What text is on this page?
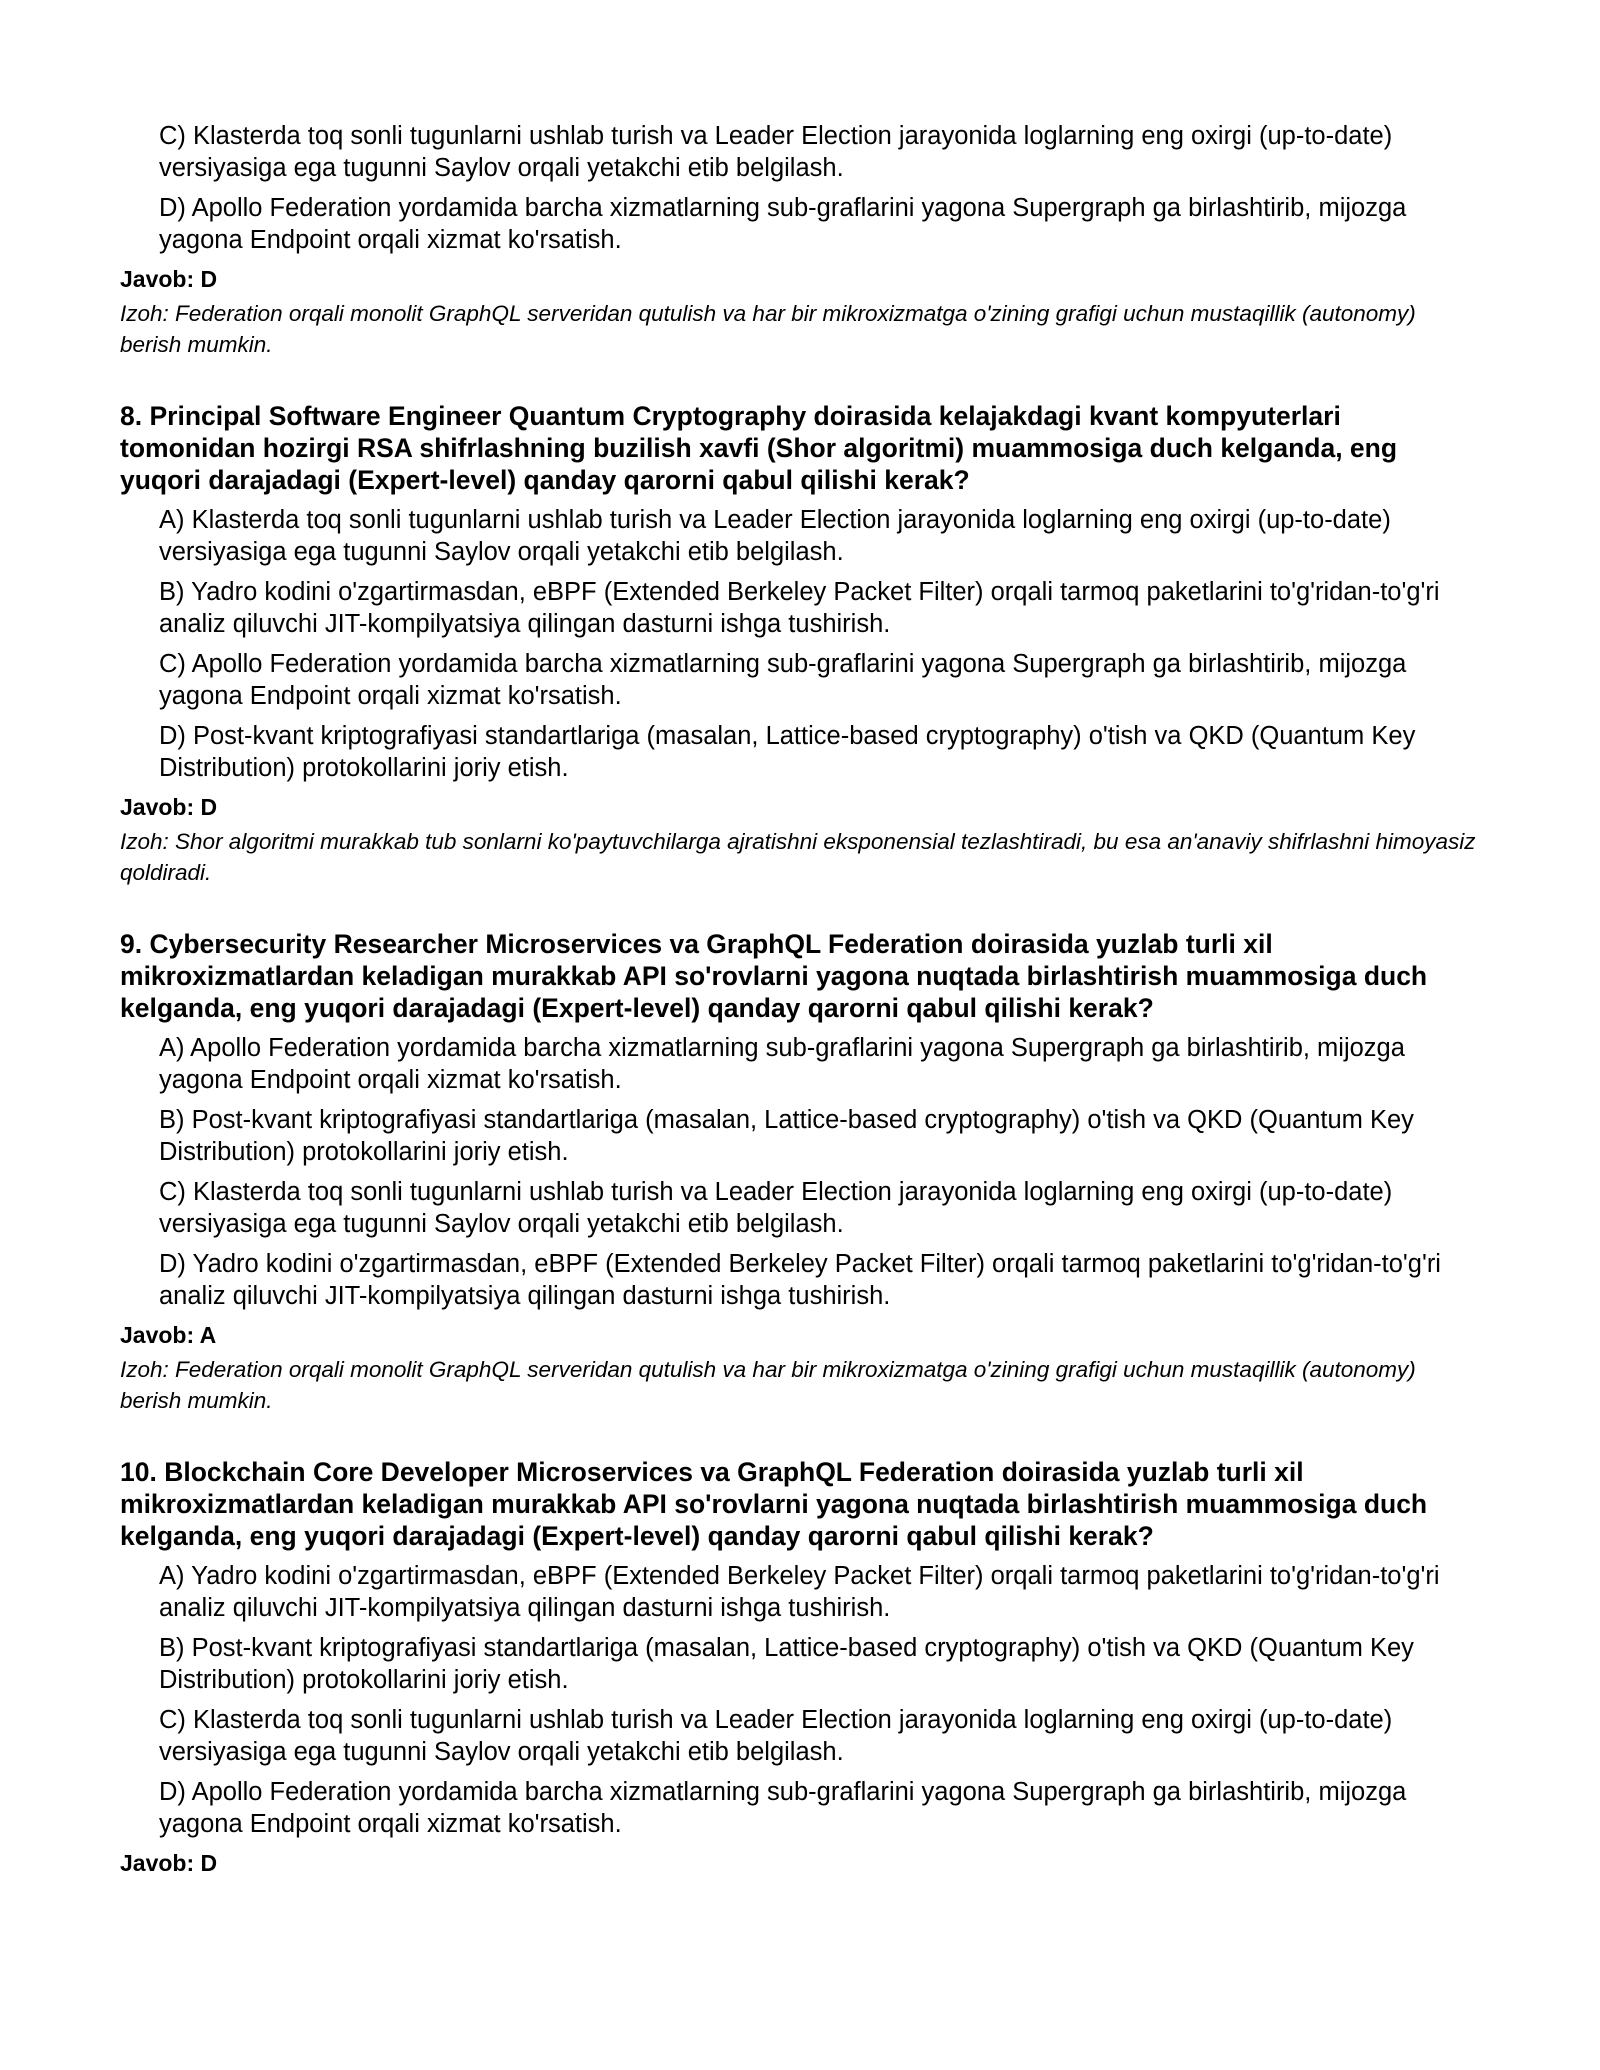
C) Klasterda toq sonli tugunlarni ushlab turish va Leader Election jarayonida loglarning eng oxirgi (up-to-date) versiyasiga ega tugunni Saylov orqali yetakchi etib belgilash.
D) Apollo Federation yordamida barcha xizmatlarning sub-graflarini yagona Supergraph ga birlashtirib, mijozga yagona Endpoint orqali xizmat ko'rsatish.
Javob: D
Izoh: Federation orqali monolit GraphQL serveridan qutulish va har bir mikroxizmatga o'zining grafigi uchun mustaqillik (autonomy) berish mumkin.
8. Principal Software Engineer Quantum Cryptography doirasida kelajakdagi kvant kompyuterlari tomonidan hozirgi RSA shifrlashning buzilish xavfi (Shor algoritmi) muammosiga duch kelganda, eng yuqori darajadagi (Expert-level) qanday qarorni qabul qilishi kerak?
A) Klasterda toq sonli tugunlarni ushlab turish va Leader Election jarayonida loglarning eng oxirgi (up-to-date) versiyasiga ega tugunni Saylov orqali yetakchi etib belgilash.
B) Yadro kodini o'zgartirmasdan, eBPF (Extended Berkeley Packet Filter) orqali tarmoq paketlarini to'g'ridan-to'g'ri analiz qiluvchi JIT-kompilyatsiya qilingan dasturni ishga tushirish.
C) Apollo Federation yordamida barcha xizmatlarning sub-graflarini yagona Supergraph ga birlashtirib, mijozga yagona Endpoint orqali xizmat ko'rsatish.
D) Post-kvant kriptografiyasi standartlariga (masalan, Lattice-based cryptography) o'tish va QKD (Quantum Key Distribution) protokollarini joriy etish.
Javob: D
Izoh: Shor algoritmi murakkab tub sonlarni ko'paytuvchilarga ajratishni eksponensial tezlashtiradi, bu esa an'anaviy shifrlashni himoyasiz qoldiradi.
9. Cybersecurity Researcher Microservices va GraphQL Federation doirasida yuzlab turli xil mikroxizmatlardan keladigan murakkab API so'rovlarni yagona nuqtada birlashtirish muammosiga duch kelganda, eng yuqori darajadagi (Expert-level) qanday qarorni qabul qilishi kerak?
A) Apollo Federation yordamida barcha xizmatlarning sub-graflarini yagona Supergraph ga birlashtirib, mijozga yagona Endpoint orqali xizmat ko'rsatish.
B) Post-kvant kriptografiyasi standartlariga (masalan, Lattice-based cryptography) o'tish va QKD (Quantum Key Distribution) protokollarini joriy etish.
C) Klasterda toq sonli tugunlarni ushlab turish va Leader Election jarayonida loglarning eng oxirgi (up-to-date) versiyasiga ega tugunni Saylov orqali yetakchi etib belgilash.
D) Yadro kodini o'zgartirmasdan, eBPF (Extended Berkeley Packet Filter) orqali tarmoq paketlarini to'g'ridan-to'g'ri analiz qiluvchi JIT-kompilyatsiya qilingan dasturni ishga tushirish.
Javob: A
Izoh: Federation orqali monolit GraphQL serveridan qutulish va har bir mikroxizmatga o'zining grafigi uchun mustaqillik (autonomy) berish mumkin.
10. Blockchain Core Developer Microservices va GraphQL Federation doirasida yuzlab turli xil mikroxizmatlardan keladigan murakkab API so'rovlarni yagona nuqtada birlashtirish muammosiga duch kelganda, eng yuqori darajadagi (Expert-level) qanday qarorni qabul qilishi kerak?
A) Yadro kodini o'zgartirmasdan, eBPF (Extended Berkeley Packet Filter) orqali tarmoq paketlarini to'g'ridan-to'g'ri analiz qiluvchi JIT-kompilyatsiya qilingan dasturni ishga tushirish.
B) Post-kvant kriptografiyasi standartlariga (masalan, Lattice-based cryptography) o'tish va QKD (Quantum Key Distribution) protokollarini joriy etish.
C) Klasterda toq sonli tugunlarni ushlab turish va Leader Election jarayonida loglarning eng oxirgi (up-to-date) versiyasiga ega tugunni Saylov orqali yetakchi etib belgilash.
D) Apollo Federation yordamida barcha xizmatlarning sub-graflarini yagona Supergraph ga birlashtirib, mijozga yagona Endpoint orqali xizmat ko'rsatish.
Javob: D
